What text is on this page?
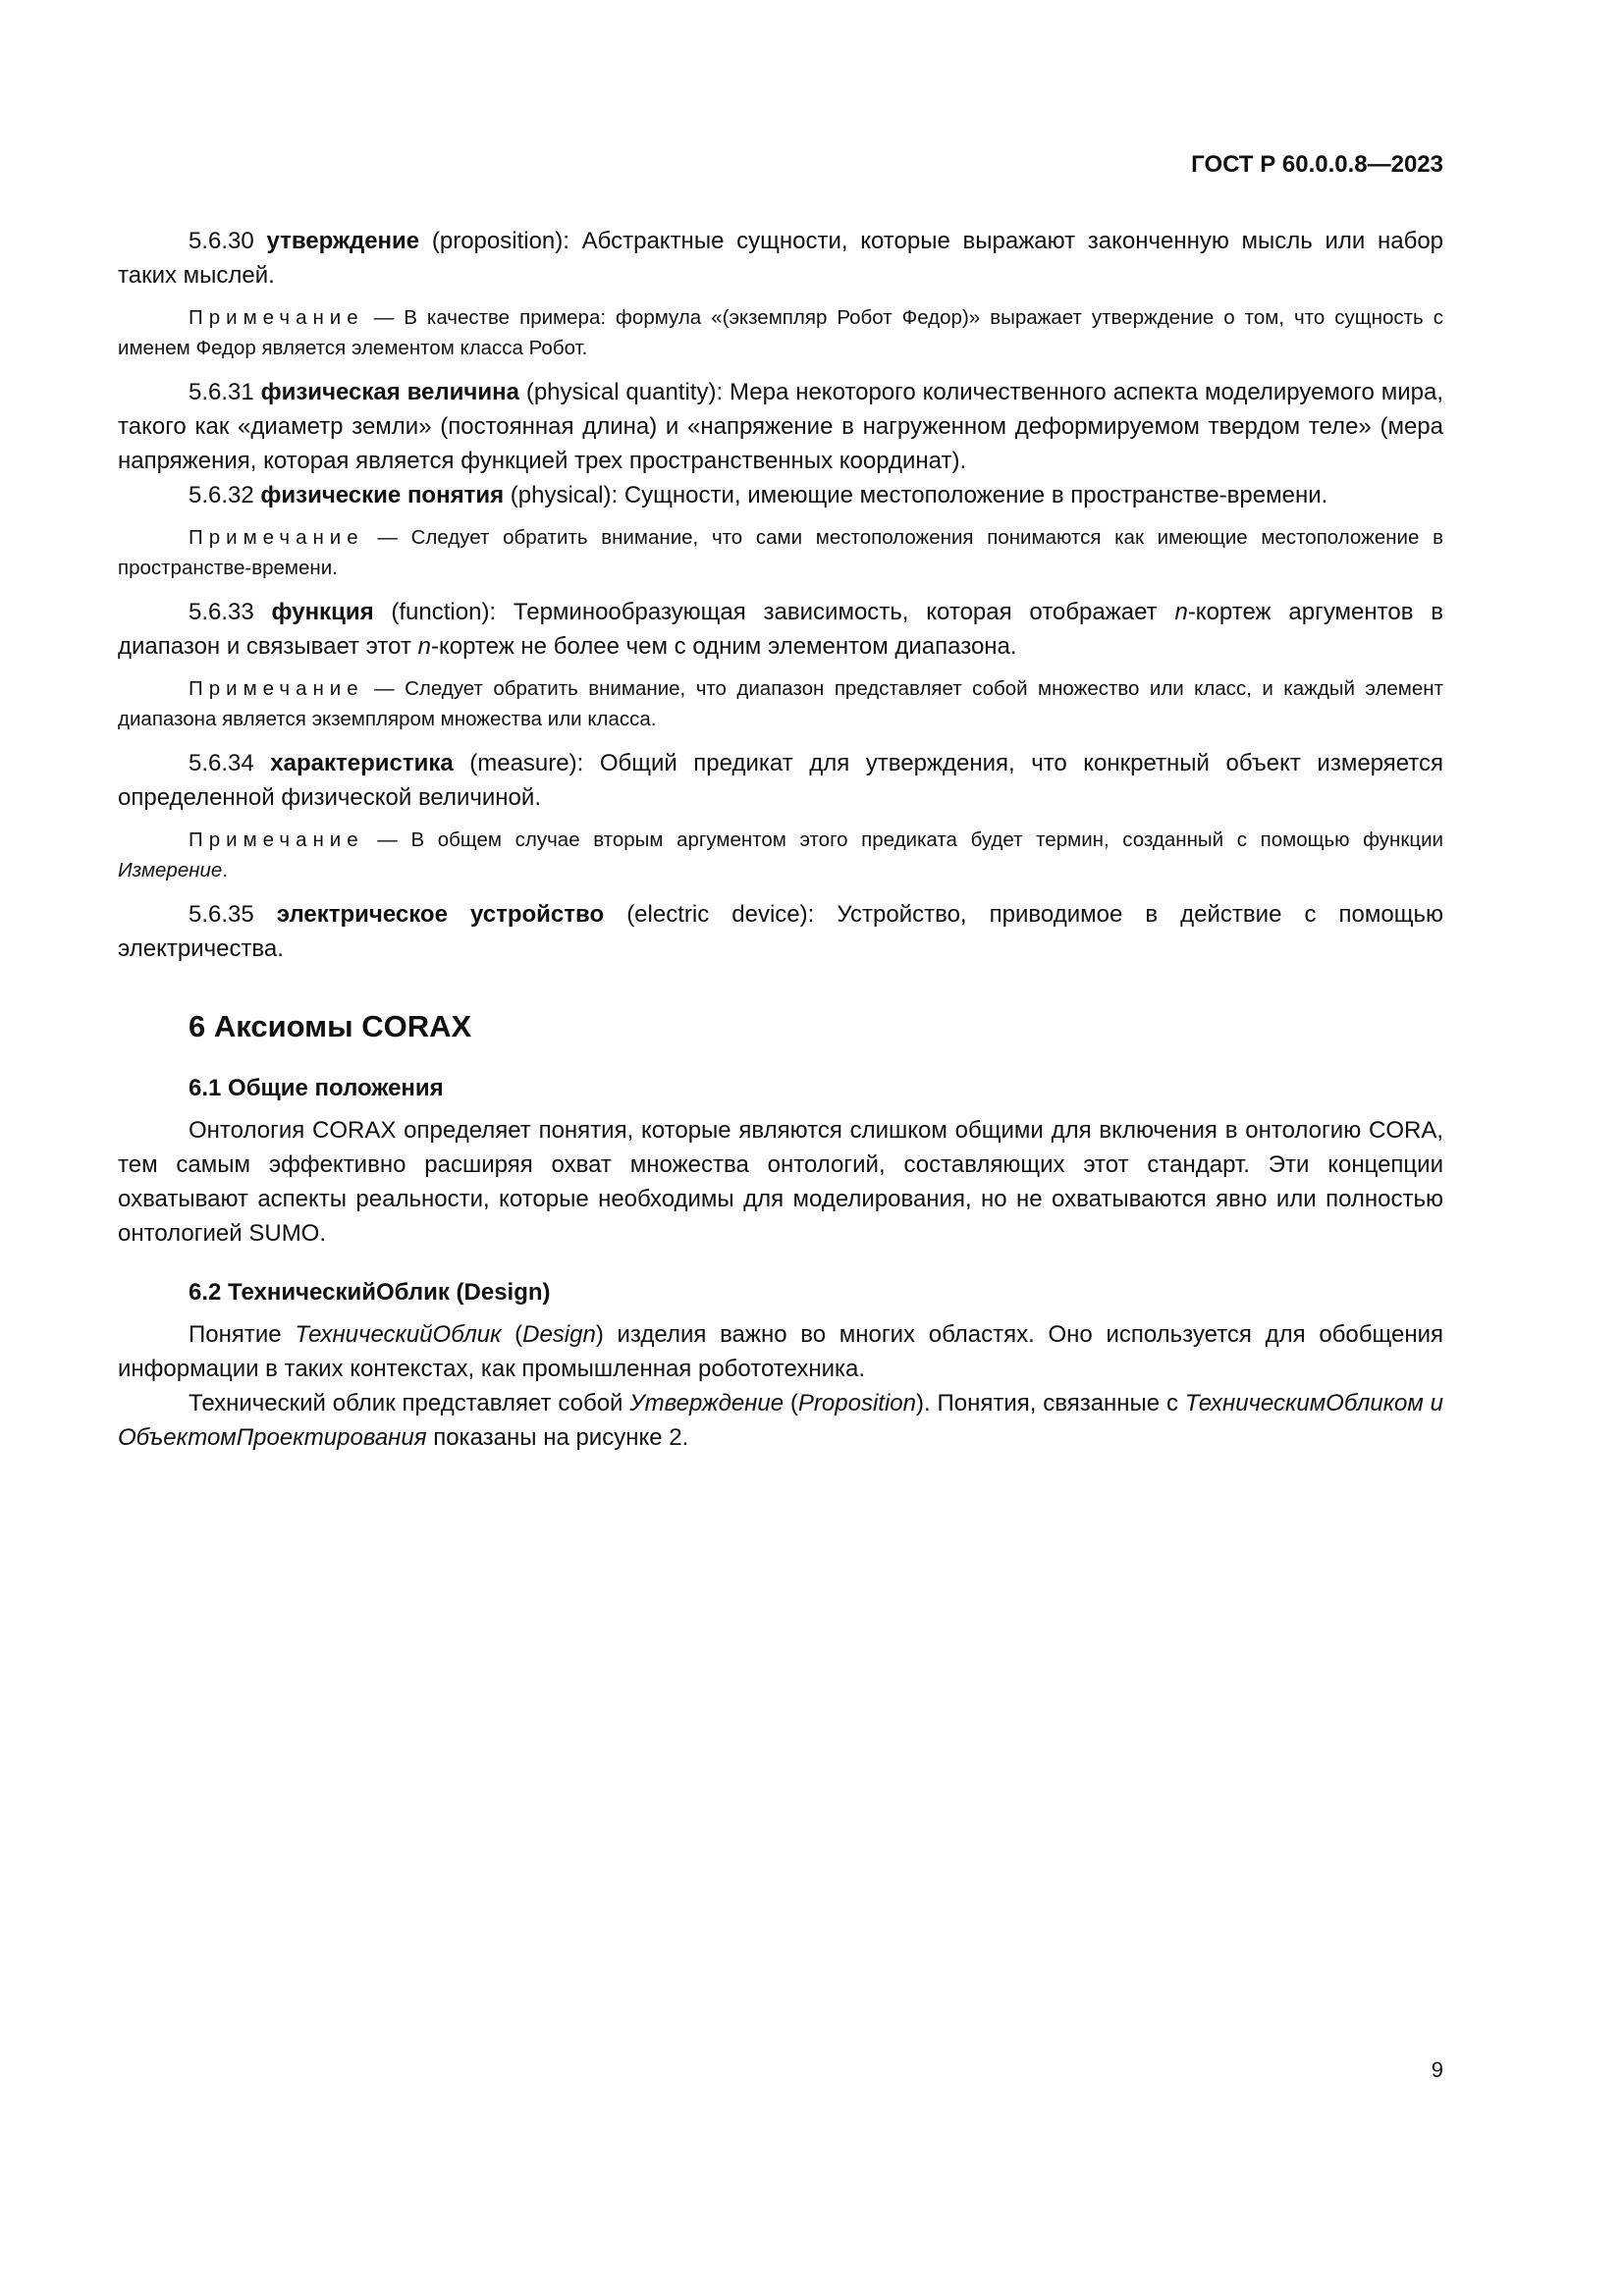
ГОСТ Р 60.0.0.8—2023

5.6.30 утверждение (proposition): Абстрактные сущности, которые выражают законченную мысль или набор таких мыслей.

Примечание — В качестве примера: формула «(экземпляр Робот Федор)» выражает утверждение о том, что сущность с именем Федор является элементом класса Робот.

5.6.31 физическая величина (physical quantity): Мера некоторого количественного аспекта моделируемого мира, такого как «диаметр земли» (постоянная длина) и «напряжение в нагруженном деформируемом твердом теле» (мера напряжения, которая является функцией трех пространственных координат).

5.6.32 физические понятия (physical): Сущности, имеющие местоположение в пространстве-времени.

Примечание — Следует обратить внимание, что сами местоположения понимаются как имеющие местоположение в пространстве-времени.

5.6.33 функция (function): Терминообразующая зависимость, которая отображает n-кортеж аргументов в диапазон и связывает этот n-кортеж не более чем с одним элементом диапазона.

Примечание — Следует обратить внимание, что диапазон представляет собой множество или класс, и каждый элемент диапазона является экземпляром множества или класса.

5.6.34 характеристика (measure): Общий предикат для утверждения, что конкретный объект измеряется определенной физической величиной.

Примечание — В общем случае вторым аргументом этого предиката будет термин, созданный с помощью функции Измерение.

5.6.35 электрическое устройство (electric device): Устройство, приводимое в действие с помощью электричества.

6 Аксиомы CORAX
6.1 Общие положения

Онтология CORAX определяет понятия, которые являются слишком общими для включения в онтологию CORA, тем самым эффективно расширяя охват множества онтологий, составляющих этот стандарт. Эти концепции охватывают аспекты реальности, которые необходимы для моделирования, но не охватываются явно или полностью онтологией SUMO.

6.2 ТехническийОблик (Design)

Понятие ТехническийОблик (Design) изделия важно во многих областях. Оно используется для обобщения информации в таких контекстах, как промышленная робототехника.

Технический облик представляет собой Утверждение (Proposition). Понятия, связанные с ТехническимОбликом и ОбъектомПроектирования показаны на рисунке 2.

9
